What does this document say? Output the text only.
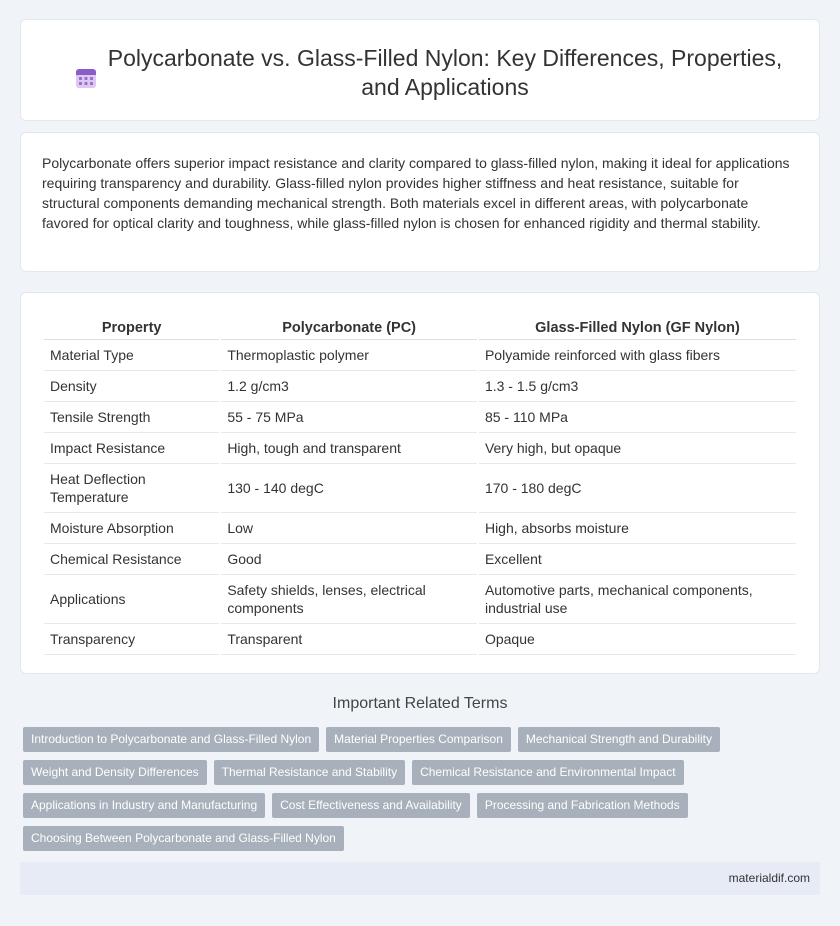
Polycarbonate vs. Glass-Filled Nylon: Key Differences, Properties, and Applications

Polycarbonate offers superior impact resistance and clarity compared to glass-filled nylon, making it ideal for applications requiring transparency and durability. Glass-filled nylon provides higher stiffness and heat resistance, suitable for structural components demanding mechanical strength. Both materials excel in different areas, with polycarbonate favored for optical clarity and toughness, while glass-filled nylon is chosen for enhanced rigidity and thermal stability.

Property	Polycarbonate (PC)	Glass-Filled Nylon (GF Nylon)
Material Type	Thermoplastic polymer	Polyamide reinforced with glass fibers
Density	1.2 g/cm3	1.3 - 1.5 g/cm3
Tensile Strength	55 - 75 MPa	85 - 110 MPa
Impact Resistance	High, tough and transparent	Very high, but opaque
Heat Deflection Temperature	130 - 140 degC	170 - 180 degC
Moisture Absorption	Low	High, absorbs moisture
Chemical Resistance	Good	Excellent
Applications	Safety shields, lenses, electrical components	Automotive parts, mechanical components, industrial use
Transparency	Transparent	Opaque
Important Related Terms
Introduction to Polycarbonate and Glass-Filled Nylon	Material Properties Comparison	Mechanical Strength and Durability
Weight and Density Differences	Thermal Resistance and Stability	Chemical Resistance and Environmental Impact
Applications in Industry and Manufacturing	Cost Effectiveness and Availability	Processing and Fabrication Methods
Choosing Between Polycarbonate and Glass-Filled Nylon
materialdif.com
